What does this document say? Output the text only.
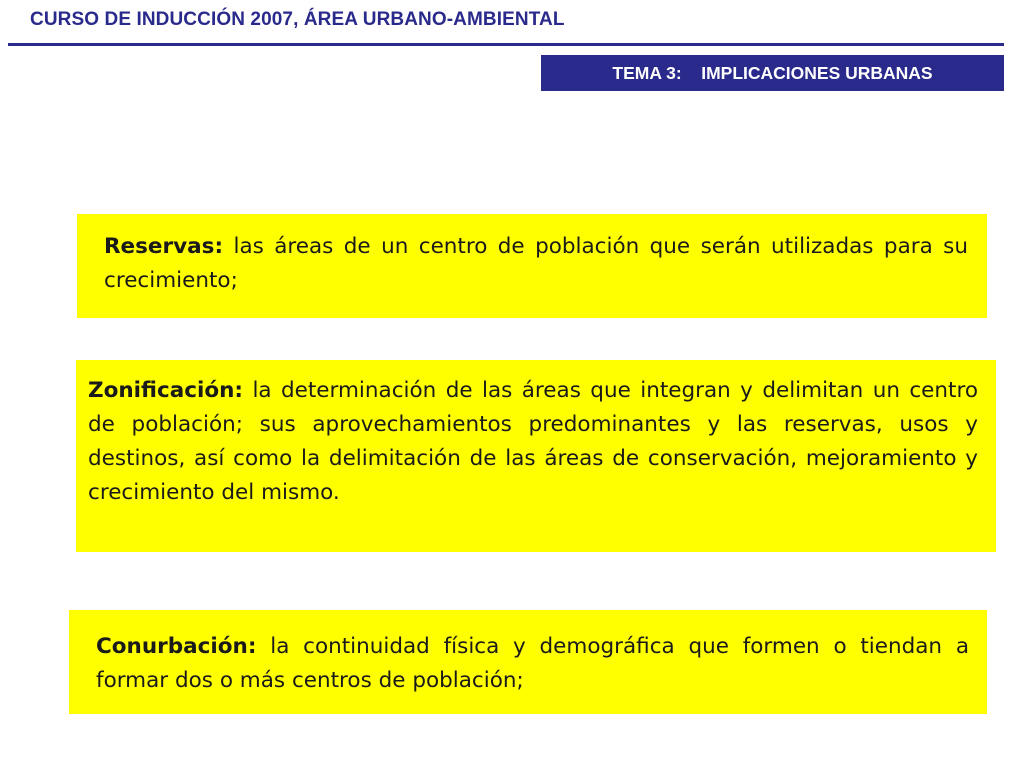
CURSO DE INDUCCIÓN 2007, ÁREA URBANO-AMBIENTAL
TEMA 3:
IMPLICACIONES URBANAS
Reservas: las áreas de un centro de población que serán utilizadas para su crecimiento;
Zonificación: la determinación de las áreas que integran y delimitan un centro de población; sus aprovechamientos predominantes y las reservas, usos y destinos, así como la delimitación de las áreas de conservación, mejoramiento y crecimiento del mismo.
Conurbación: la continuidad física y demográfica que formen o tiendan a formar dos o más centros de población;
